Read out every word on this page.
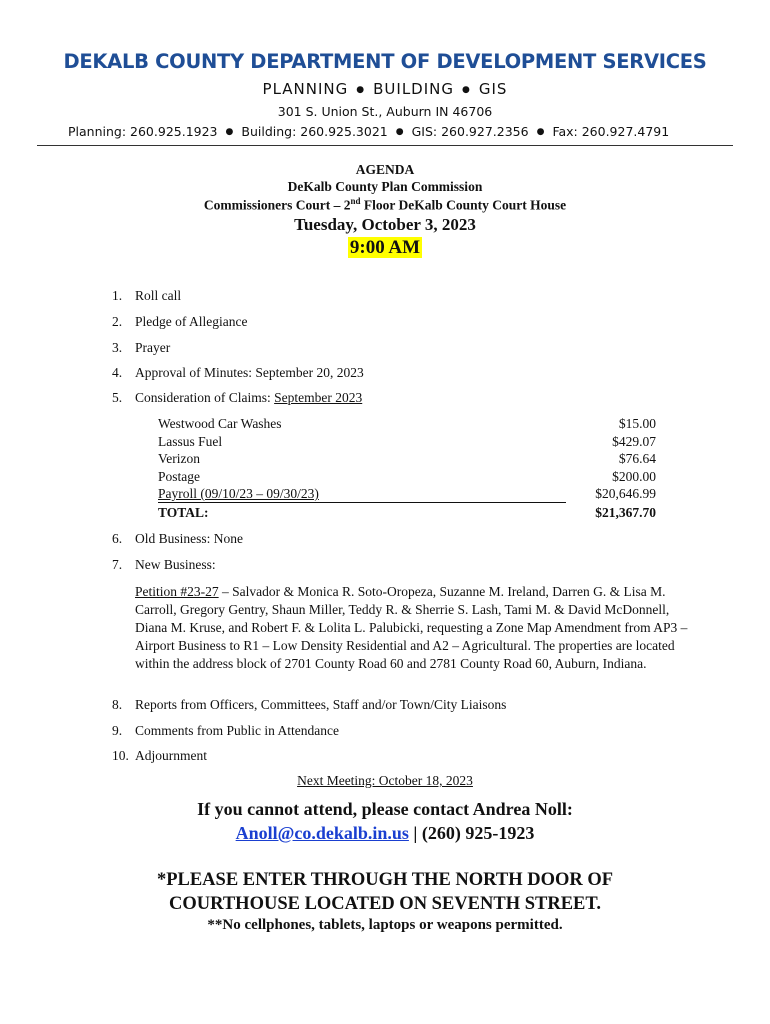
DEKALB COUNTY DEPARTMENT OF DEVELOPMENT SERVICES
PLANNING ● BUILDING ● GIS
301 S. Union St., Auburn IN 46706
Planning: 260.925.1923 ● Building: 260.925.3021 ● GIS: 260.927.2356 ● Fax: 260.927.4791
AGENDA
DeKalb County Plan Commission
Commissioners Court – 2nd Floor DeKalb County Court House
Tuesday, October 3, 2023
9:00 AM
1. Roll call
2. Pledge of Allegiance
3. Prayer
4. Approval of Minutes: September 20, 2023
5. Consideration of Claims: September 2023
Westwood Car Washes	$15.00
Lassus Fuel	$429.07
Verizon	$76.64
Postage	$200.00
Payroll (09/10/23 – 09/30/23)	$20,646.99
TOTAL:	$21,367.70
6. Old Business: None
7. New Business:
Petition #23-27 – Salvador & Monica R. Soto-Oropeza, Suzanne M. Ireland, Darren G. & Lisa M. Carroll, Gregory Gentry, Shaun Miller, Teddy R. & Sherrie S. Lash, Tami M. & David McDonnell, Diana M. Kruse, and Robert F. & Lolita L. Palubicki, requesting a Zone Map Amendment from AP3 – Airport Business to R1 – Low Density Residential and A2 – Agricultural. The properties are located within the address block of 2701 County Road 60 and 2781 County Road 60, Auburn, Indiana.
8. Reports from Officers, Committees, Staff and/or Town/City Liaisons
9. Comments from Public in Attendance
10. Adjournment
Next Meeting: October 18, 2023
If you cannot attend, please contact Andrea Noll:
Anoll@co.dekalb.in.us | (260) 925-1923
*PLEASE ENTER THROUGH THE NORTH DOOR OF
COURTHOUSE LOCATED ON SEVENTH STREET.
**No cellphones, tablets, laptops or weapons permitted.
